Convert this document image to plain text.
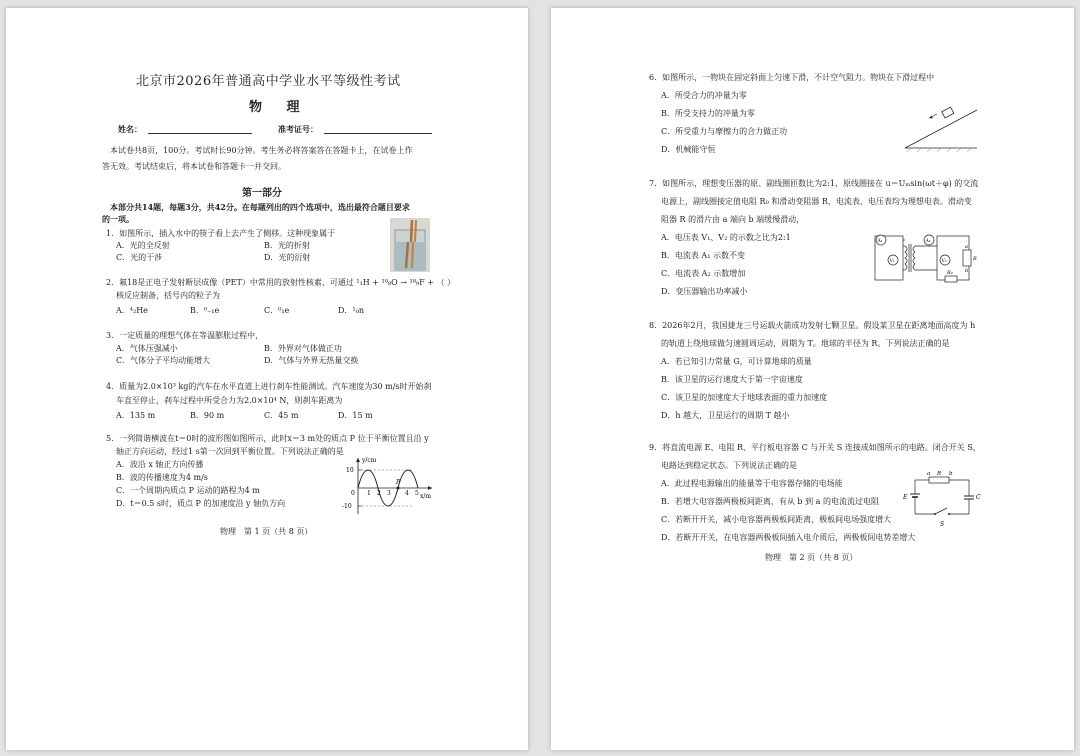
北京市2026年普通高中学业水平等级性考试
物 理
姓名：	准考证号：
本试卷共8页，100分。考试时长90分钟。考生务必将答案答在答题卡上，在试卷上作
答无效。考试结束后，将本试卷和答题卡一并交回。
第一部分
本部分共14题，每题3分，共42分。在每题列出的四个选项中，选出最符合题目要求
的一项。
1．如图所示，插入水中的筷子看上去产生了侧移。这种现象属于
A．光的全反射	B．光的折射
C．光的干涉	D．光的衍射
2．氟18是正电子发射断层成像（PET）中常用的放射性核素，可通过 ¹₁H + ¹⁸₈O → ¹⁸₉F + （ ）
核反应制备，括号内的粒子为
A．⁴₂He	B．⁰₋₁e	C．⁰₁e	D．¹₀n
3．一定质量的理想气体在等温膨胀过程中，
A．气体压强减小	B．外界对气体做正功
C．气体分子平均动能增大	D．气体与外界无热量交换
4．质量为2.0×10³ kg的汽车在水平直道上进行刹车性能测试。汽车速度为30 m/s时开始刹
车直至停止，刹车过程中所受合力为2.0×10⁴ N，则刹车距离为
A．135 m	B．90 m	C．45 m	D．15 m
5．一列简谐横波在t＝0时的波形图如图所示，此时x＝3 m处的质点 P 位于平衡位置且沿 y
轴正方向运动，经过1 s第一次回到平衡位置。下列说法正确的是
A．波沿 x 轴正方向传播
B．波的传播速度为4 m/s
C．一个周期内质点 P 运动的路程为4 m
D．t＝0.5 s时，质点 P 的加速度沿 y 轴负方向
y/cm
x/m
10
-10
0 1 2 3 4 5
P
物理　第 1 页（共 8 页）
6．如图所示，一物块在固定斜面上匀速下滑，不计空气阻力。物块在下滑过程中
A．所受合力的冲量为零
B．所受支持力的冲量为零
C．所受重力与摩擦力的合力做正功
D．机械能守恒
7．如图所示，理想变压器的原、副线圈匝数比为2:1，原线圈接在 u＝Uₘsin(ωt＋φ) 的交流
电源上，副线圈接定值电阻 R₀ 和滑动变阻器 R，电流表、电压表均为理想电表。滑动变
阻器 R 的滑片由 a 端向 b 端缓慢滑动，
A．电压表 V₁、V₂ 的示数之比为2:1
B．电流表 A₁ 示数不变
C．电流表 A₂ 示数增加
D．变压器输出功率减小
A₁
V₁
A₂
V₂
a
R
b
R₀
8．2026年2月，我国捷龙三号运载火箭成功发射七颗卫星。假设某卫星在距离地面高度为 h
的轨道上绕地球做匀速圆周运动，周期为 T。地球的半径为 R。下列说法正确的是
A．若已知引力常量 G，可计算地球的质量
B．该卫星的运行速度大于第一宇宙速度
C．该卫星的加速度大于地球表面的重力加速度
D．h 越大，卫星运行的周期 T 越小
9．将直流电源 E、电阻 R、平行板电容器 C 与开关 S 连接成如图所示的电路。闭合开关 S，
电路达到稳定状态。下列说法正确的是
A．此过程电源输出的能量等于电容器存储的电场能
B．若增大电容器两极板间距离，有从 b 到 a 的电流流过电阻
C．若断开开关，减小电容器两极板间距离，极板间电场强度增大
D．若断开开关，在电容器两极板间插入电介质后，两极板间电势差增大
a R b
E	C
S
物理　第 2 页（共 8 页）
